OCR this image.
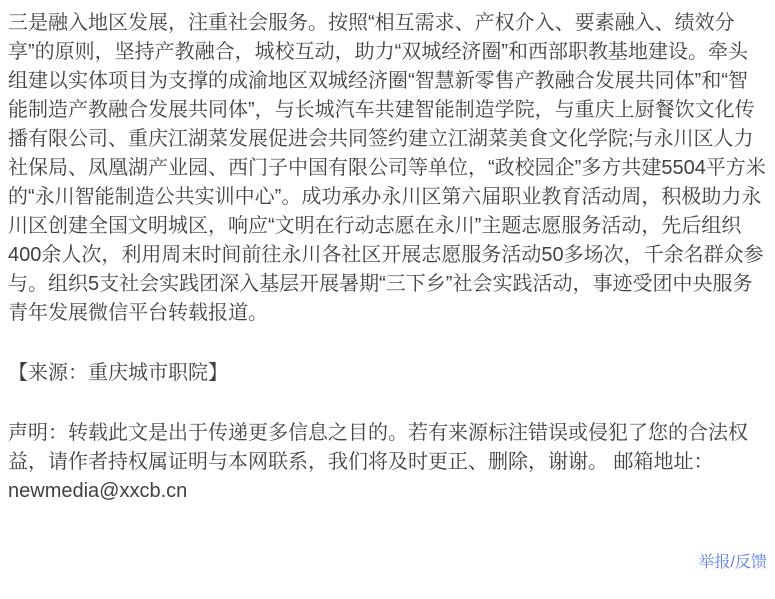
三是融入地区发展，注重社会服务。按照“相互需求、产权介入、要素融入、绩效分享”的原则，坚持产教融合，城校互动，助力“双城经济圈”和西部职教基地建设。牵头组建以实体项目为支撑的成渝地区双城经济圈“智慧新零售产教融合发展共同体”和“智能制造产教融合发展共同体”，与长城汽车共建智能制造学院，与重庆上厨餐饮文化传播有限公司、重庆江湖菜发展促进会共同签约建立江湖菜美食文化学院;与永川区人力社保局、凤凰湖产业园、西门子中国有限公司等单位，“政校园企”多方共建5504平方米的“永川智能制造公共实训中心”。成功承办永川区第六届职业教育活动周，积极助力永川区创建全国文明城区，响应“文明在行动志愿在永川”主题志愿服务活动，先后组织400余人次，利用周末时间前往永川各社区开展志愿服务活动50多场次，千余名群众参与。组织5支社会实践团深入基层开展暑期“三下乡”社会实践活动，事迹受团中央服务青年发展微信平台转载报道。

【来源：重庆城市职院】

声明：转载此文是出于传递更多信息之目的。若有来源标注错误或侵犯了您的合法权益，请作者持权属证明与本网联系，我们将及时更正、删除，谢谢。 邮箱地址：newmedia@xxcb.cn

举报/反馈
